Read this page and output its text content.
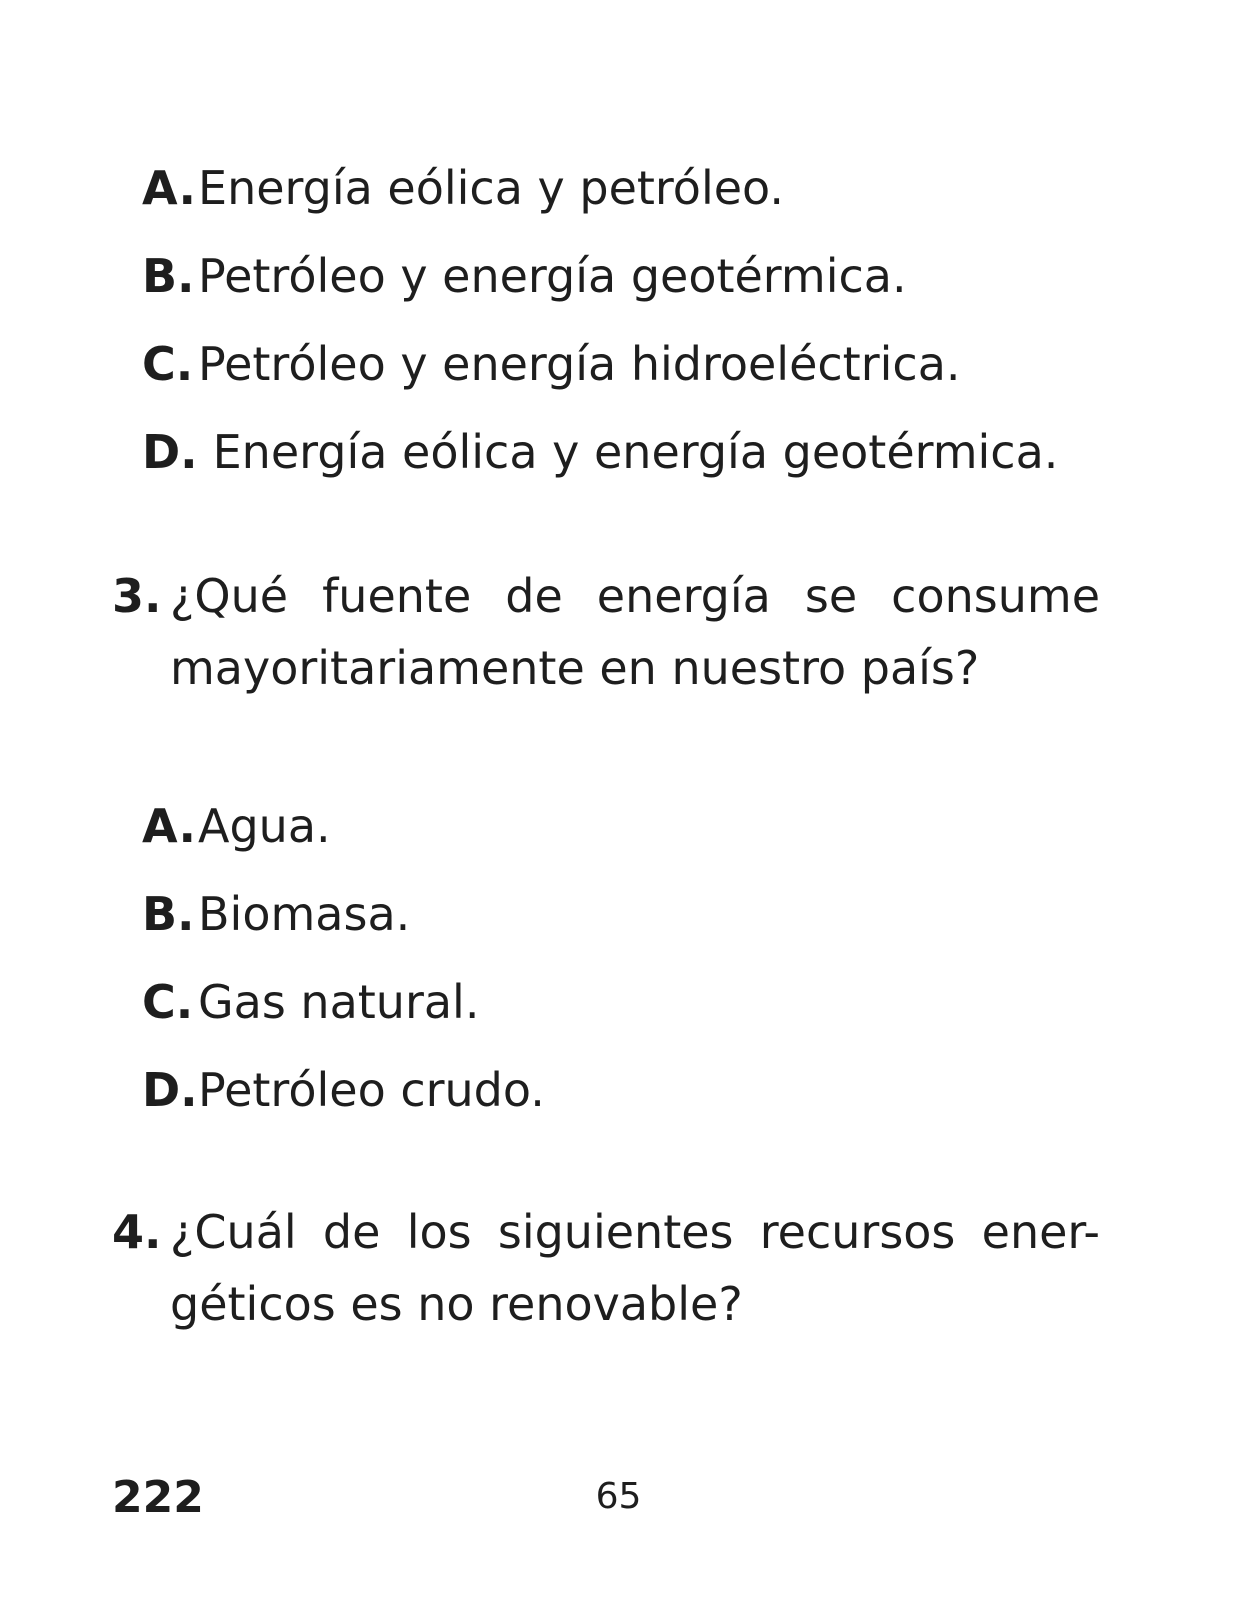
A.Energía eólica y petróleo.
B.Petróleo y energía geotérmica.
C. Petróleo y energía hidroeléctrica.
D. Energía eólica y energía geotérmica.
3. ¿Qué fuente de energía se consume
mayoritariamente en nuestro país?
A.Agua.
B.Biomasa.
C. Gas natural.
D.Petróleo crudo.
4. ¿Cuál de los siguientes recursos ener-
géticos es no renovable?
222	65
